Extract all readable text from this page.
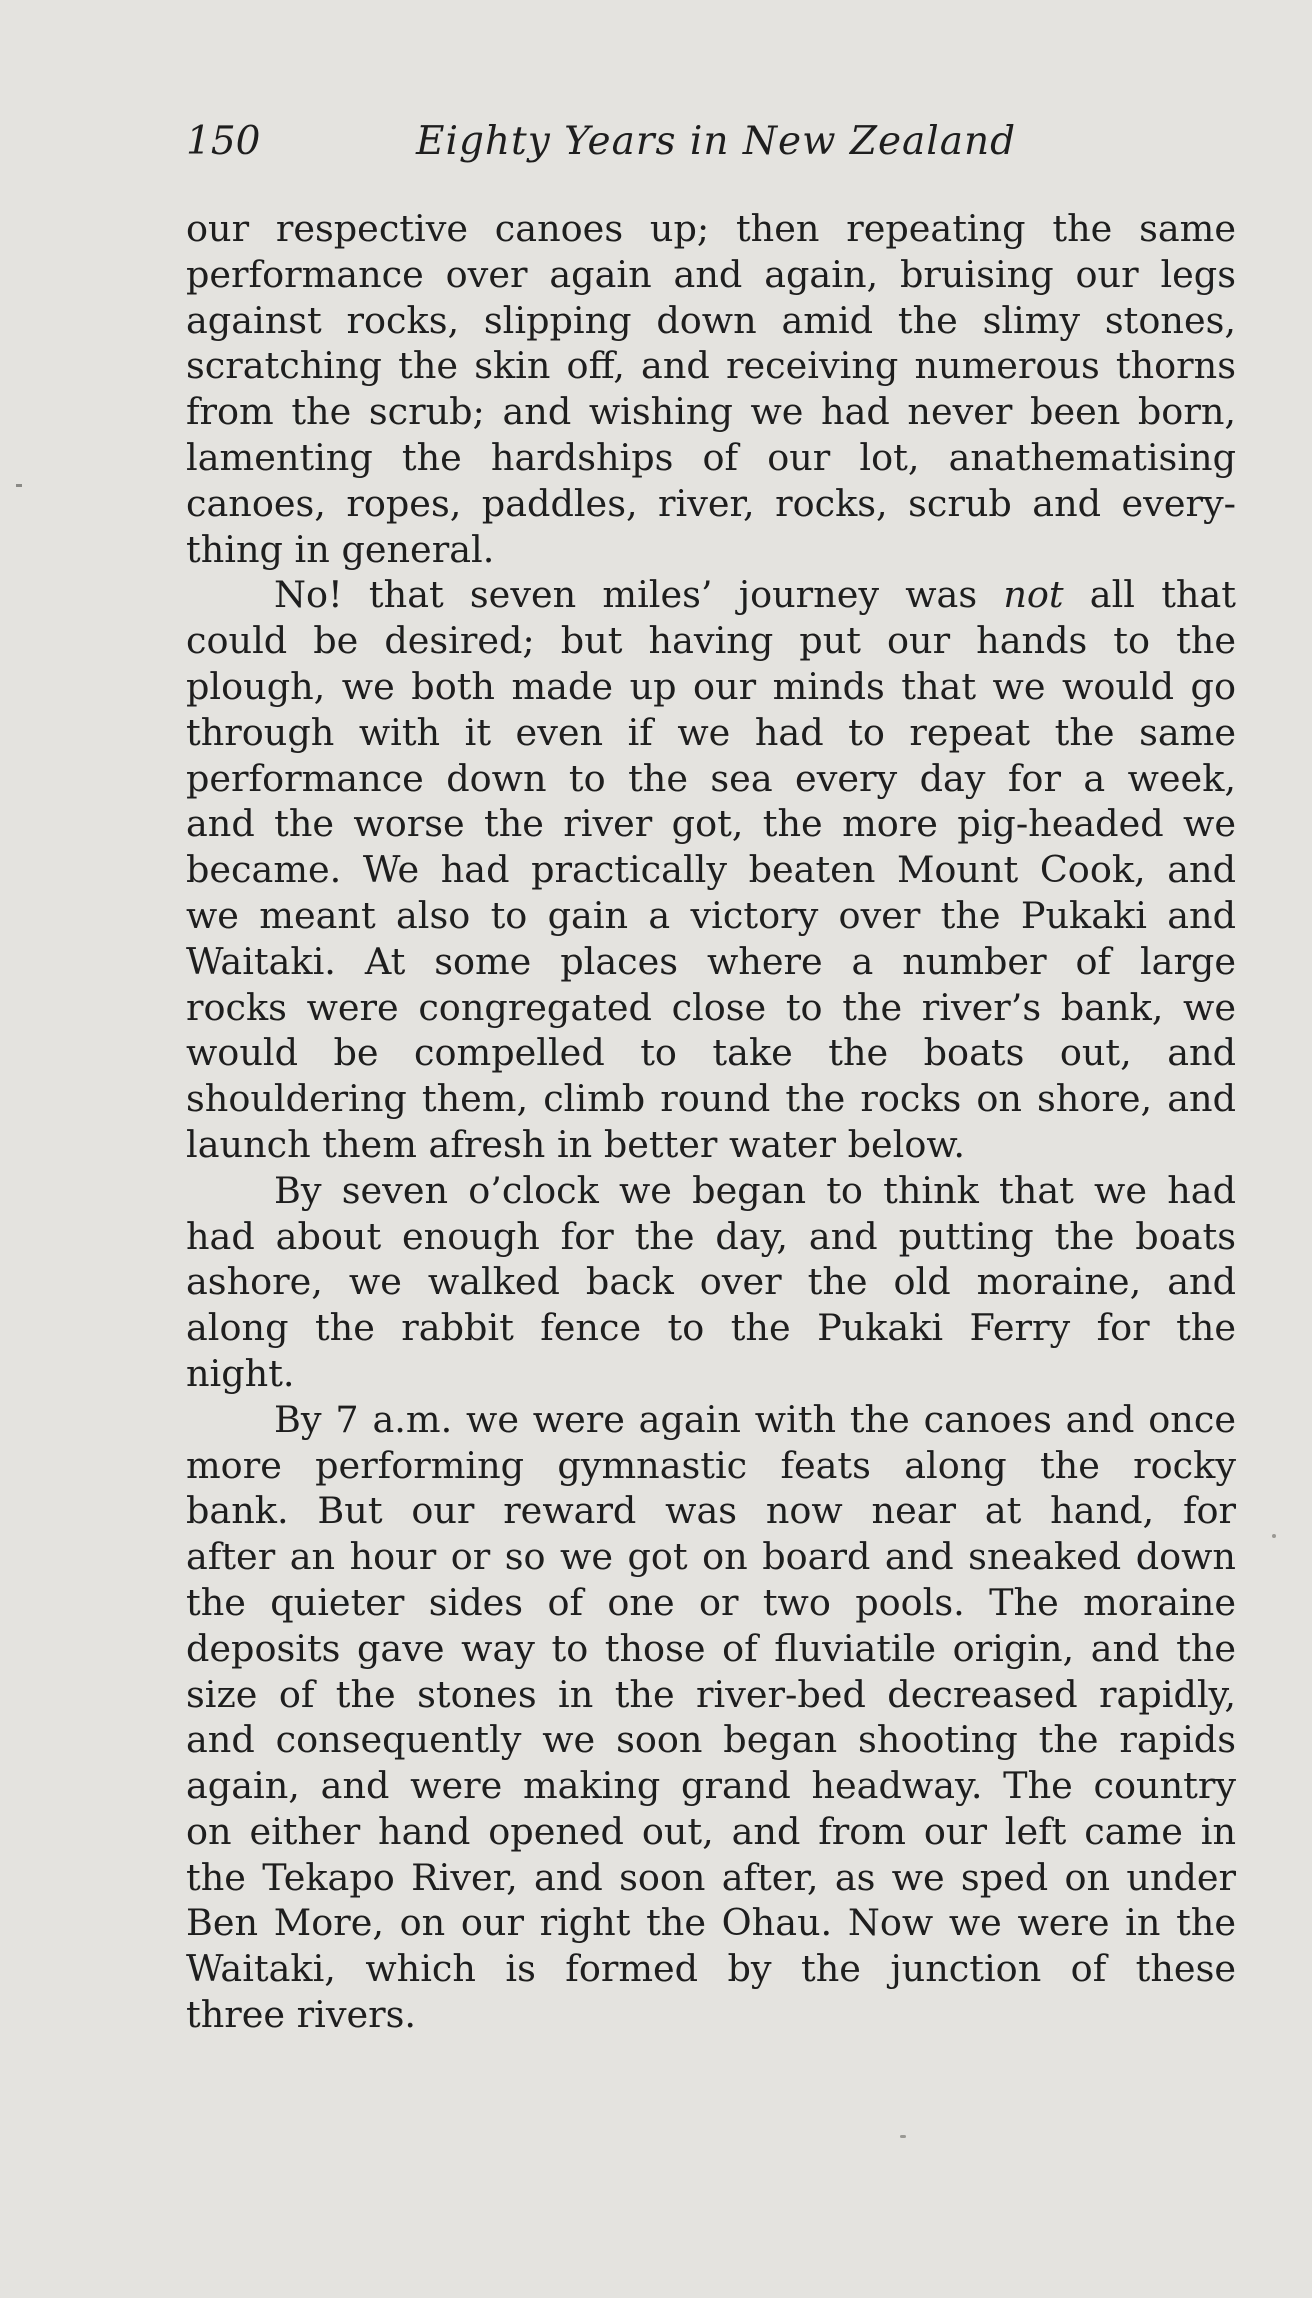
150	Eighty Years in New Zealand
our respective canoes up; then repeating the same
performance over again and again, bruising our legs
against rocks, slipping down amid the slimy stones,
scratching the skin off, and receiving numerous thorns
from the scrub; and wishing we had never been born,
lamenting the hardships of our lot, anathematising
canoes, ropes, paddles, river, rocks, scrub and every-
thing in general.
No! that seven miles’ journey was not all that
could be desired; but having put our hands to the
plough, we both made up our minds that we would go
through with it even if we had to repeat the same
performance down to the sea every day for a week,
and the worse the river got, the more pig-headed we
became. We had practically beaten Mount Cook, and
we meant also to gain a victory over the Pukaki and
Waitaki. At some places where a number of large
rocks were congregated close to the river’s bank, we
would be compelled to take the boats out, and
shouldering them, climb round the rocks on shore, and
launch them afresh in better water below.
By seven o’clock we began to think that we had
had about enough for the day, and putting the boats
ashore, we walked back over the old moraine, and
along the rabbit fence to the Pukaki Ferry for the
night.
By 7 a.m. we were again with the canoes and once
more performing gymnastic feats along the rocky
bank. But our reward was now near at hand, for
after an hour or so we got on board and sneaked down
the quieter sides of one or two pools. The moraine
deposits gave way to those of fluviatile origin, and the
size of the stones in the river-bed decreased rapidly,
and consequently we soon began shooting the rapids
again, and were making grand headway. The country
on either hand opened out, and from our left came in
the Tekapo River, and soon after, as we sped on under
Ben More, on our right the Ohau. Now we were in the
Waitaki, which is formed by the junction of these
three rivers.
